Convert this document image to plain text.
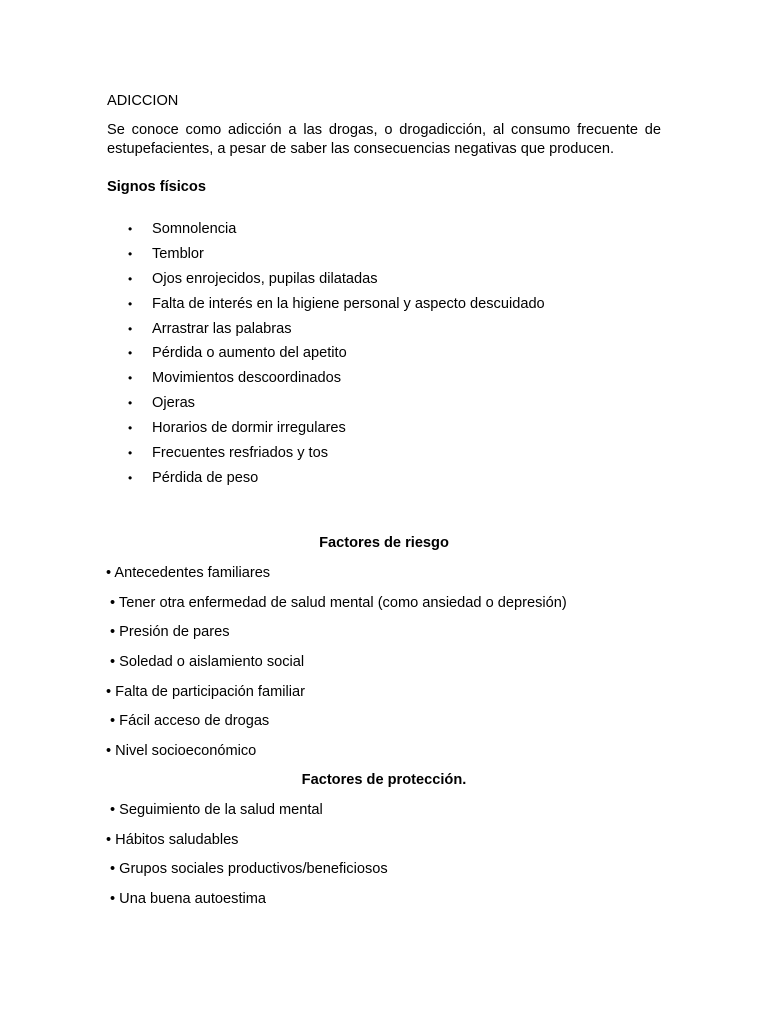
ADICCION
Se conoce como adicción a las drogas, o drogadicción, al consumo frecuente de estupefacientes, a pesar de saber las consecuencias negativas que producen.
Signos físicos
• Somnolencia
• Temblor
• Ojos enrojecidos, pupilas dilatadas
• Falta de interés en la higiene personal y aspecto descuidado
• Arrastrar las palabras
• Pérdida o aumento del apetito
• Movimientos descoordinados
• Ojeras
• Horarios de dormir irregulares
• Frecuentes resfriados y tos
• Pérdida de peso
Factores de riesgo
• Antecedentes familiares
• Tener otra enfermedad de salud mental (como ansiedad o depresión)
• Presión de pares
• Soledad o aislamiento social
• Falta de participación familiar
• Fácil acceso de drogas
• Nivel socioeconómico
Factores de protección.
• Seguimiento de la salud mental
• Hábitos saludables
• Grupos sociales productivos/beneficiosos
• Una buena autoestima
